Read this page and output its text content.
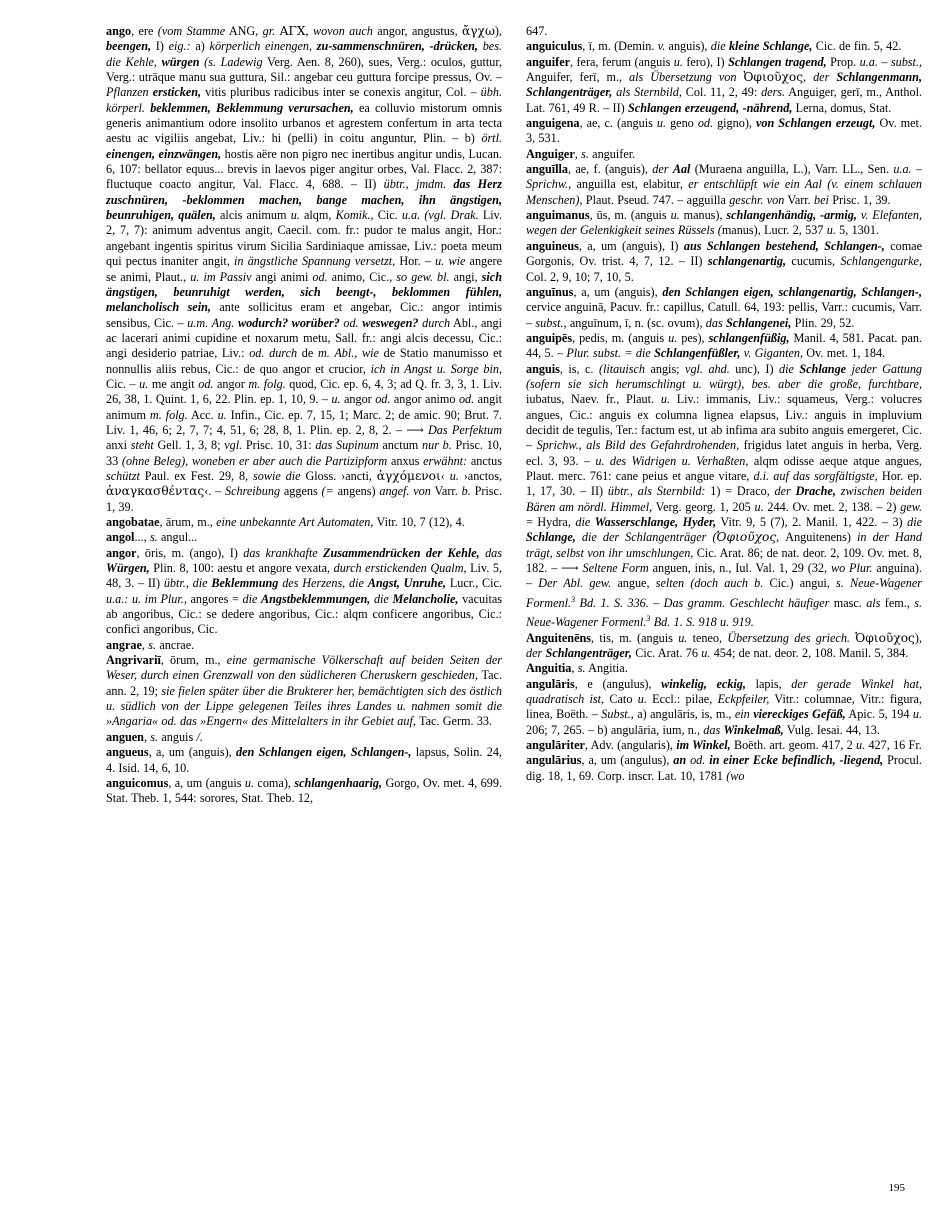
ango, ere (vom Stamme ANG, gr. AΓΧ, wovon auch angor, angustus, ἄγχω), beengen, I) eig.: a) körperlich einengen, zu-sammenschnüren, -drücken, bes. die Kehle, würgen (s. Ladewig Verg. Aen. 8, 260), sues, Verg.: oculos, guttur, Verg.: utrāque manu sua guttura, Sil.: angebar ceu guttura forcipe pressus, Ov. – Pflanzen ersticken, vitis pluribus radicibus inter se conexis angitur, Col. – übh. körperl. beklemmen, Beklemmung verursachen, ea colluvio mistorum omnis generis animantium odore insolito urbanos et agrestem confertum in arta tecta aestu ac vigiliis angebat, Liv.: hi (pelli) in coitu anguntur, Plin. – b) örtl. einengen, einzwängen, hostis aëre non pigro nec inertibus angitur undis, Lucan. 6, 107: bellator equus... brevis in laevos piger angitur orbes, Val. Flacc. 2, 387: fluctuque coacto angitur, Val. Flacc. 4, 688. – II) übtr., jmdm. das Herz zuschnüren, -beklommen machen, bange machen, ihn ängstigen, beunruhigen, quälen, alcis animum u. alqm, Komik., Cic. u.a. (vgl. Drak. Liv. 2, 7, 7): animum adventus angit, Caecil. com. fr.: pudor te malus angit, Hor.: angebant ingentis spiritus virum Sicilia Sardiniaque amissae, Liv.: poeta meum qui pectus inaniter angit, in ängstliche Spannung versetzt, Hor. – u. wie angere se animi, Plaut., u. im Passiv angi animi od. animo, Cic., so gew. bl. angi, sich ängstigen, beunruhigt werden, sich beengt-, beklommen fühlen, melancholisch sein, ante sollicitus eram et angebar, Cic.: angor intimis sensibus, Cic. – u.m. Ang. wodurch? worüber? od. weswegen? durch Abl., angi ac lacerari animi cupidine et noxarum metu, Sall. fr.: angi alcis decessu, Cic.: angi desiderio patriae, Liv.: od. durch de m. Abl., wie de Statio manumisso et nonnullis aliis rebus, Cic.: de quo angor et crucior, ich in Angst u. Sorge bin, Cic. – u. me angit od. angor m. folg. quod, Cic. ep. 6, 4, 3; ad Q. fr. 3, 3, 1. Liv. 26, 38, 1. Quint. 1, 6, 22. Plin. ep. 1, 10, 9. – u. angor od. angor animo od. angit animum m. folg. Acc. u. Infin., Cic. ep. 7, 15, 1; Marc. 2; de amic. 90; Brut. 7. Liv. 1, 46, 6; 2, 7, 7; 4, 51, 6; 28, 8, 1. Plin. ep. 2, 8, 2. – ⟶ Das Perfektum anxi steht Gell. 1, 3, 8; vgl. Prisc. 10, 31: das Supinum anctum nur b. Prisc. 10, 33 (ohne Beleg), woneben er aber auch die Partizipform anxus erwähnt: anctus schützt Paul. ex Fest. 29, 8, sowie die Gloss. ›ancti, ἀγχόμενοι‹ u. ›anctos, ἀναγκασθέντας‹. – Schreibung aggens (= angens) angef. von Varr. b. Prisc. 1, 39.

angobatae, ārum, m., eine unbekannte Art Automaten, Vitr. 10, 7 (12), 4.

angol..., s. angul...

angor, ōris, m. (ango), I) das krankhafte Zusammendrücken der Kehle, das Würgen, Plin. 8, 100: aestu et angore vexata, durch erstickenden Qualm, Liv. 5, 48, 3. – II) übtr., die Beklemmung des Herzens, die Angst, Unruhe, Lucr., Cic. u.a.: u. im Plur., angores = die Angstbeklemmungen, die Melancholie, vacuitas ab angoribus, Cic.: se dedere angoribus, Cic.: alqm conficere angoribus, Cic.: confici angoribus, Cic.

angrae, s. ancrae.

Angrivariī, ōrum, m., eine germanische Völkerschaft auf beiden Seiten der Weser, durch einen Grenzwall von den südlicheren Cheruskern geschieden, Tac. ann. 2, 19; sie fielen später über die Brukterer her, bemächtigten sich des östlich u. südlich von der Lippe gelegenen Teiles ihres Landes u. nahmen somit die »Angaria« od. das »Engern« des Mittelalters in ihr Gebiet auf, Tac. Germ. 33.

anguen, s. anguis /.

angueus, a, um (anguis), den Schlangen eigen, Schlangen-, lapsus, Solin. 24, 4. Isid. 14, 6, 10.

anguicomus, a, um (anguis u. coma), schlangenhaarig, Gorgo, Ov. met. 4, 699. Stat. Theb. 1, 544: sorores, Stat. Theb. 12,

647.

anguiculus, ī, m. (Demin. v. anguis), die kleine Schlange, Cic. de fin. 5, 42.

anguifer, fera, ferum (anguis u. fero), I) Schlangen tragend, Prop. u.a. – subst., Anguifer, ferī, m., als Übersetzung von Ὀφιοῦχος, der Schlangenmann, Schlangenträger, als Sternbild, Col. 11, 2, 49: ders. Anguiger, gerī, m., Anthol. Lat. 761, 49 R. – II) Schlangen erzeugend, -nährend, Lerna, domus, Stat.

anguigena, ae, c. (anguis u. geno od. gigno), von Schlangen erzeugt, Ov. met. 3, 531.

Anguiger, s. anguifer.

anguīlla, ae, f. (anguis), der Aal (Muraena anguilla, L.), Varr. LL., Sen. u.a. – Sprichw., anguilla est, elabitur, er entschlüpft wie ein Aal (v. einem schlauen Menschen), Plaut. Pseud. 747. – agguilla geschr. von Varr. bei Prisc. 1, 39.

anguimanus, ūs, m. (anguis u. manus), schlangenhändig, -armig, v. Elefanten, wegen der Gelenkigkeit seines Rüssels (manus), Lucr. 2, 537 u. 5, 1301.

anguineus, a, um (anguis), I) aus Schlangen bestehend, Schlangen-, comae Gorgonis, Ov. trist. 4, 7, 12. – II) schlangenartig, cucumis, Schlangengurke, Col. 2, 9, 10; 7, 10, 5.

anguīnus, a, um (anguis), den Schlangen eigen, schlangenartig, Schlangen-, cervice anguinā, Pacuv. fr.: capillus, Catull. 64, 193: pellis, Varr.: cucumis, Varr. – subst., anguīnum, ī, n. (sc. ovum), das Schlangenei, Plin. 29, 52.

anguipēs, pedis, m. (anguis u. pes), schlangenfüßig, Manil. 4, 581. Pacat. pan. 44, 5. – Plur. subst. = die Schlangenfüßler, v. Giganten, Ov. met. 1, 184.

anguis, is, c. (litauisch angis; vgl. ahd. unc), I) die Schlange jeder Gattung (sofern sie sich herumschlingt u. würgt), bes. aber die große, furchtbare, iubatus, Naev. fr., Plaut. u. Liv.: immanis, Liv.: squameus, Verg.: volucres angues, Cic.: anguis ex columna lignea elapsus, Liv.: anguis in impluvium decidit de tegulis, Ter.: factum est, ut ab infima ara subito anguis emergeret, Cic. – Sprichw., als Bild des Gefahrdrohenden, frigidus latet anguis in herba, Verg. ecl. 3, 93. – u. des Widrigen u. Verhaßten, alqm odisse aeque atque angues, Plaut. merc. 761: cane peius et angue vitare, d.i. auf das sorgfältigste, Hor. ep. 1, 17, 30. – II) übtr., als Sternbild: 1) = Draco, der Drache, zwischen beiden Bären am nördl. Himmel, Verg. georg. 1, 205 u. 244. Ov. met. 2, 138. – 2) gew. = Hydra, die Wasserschlange, Hyder, Vitr. 9, 5 (7), 2. Manil. 1, 422. – 3) die Schlange, die der Schlangenträger (Ὀφιοῦχος, Anguitenens) in der Hand trägt, selbst von ihr umschlungen, Cic. Arat. 86; de nat. deor. 2, 109. Ov. met. 8, 182. – ⟶ Seltene Form anguen, inis, n., Iul. Val. 1, 29 (32, wo Plur. anguina). – Der Abl. gew. angue, selten (doch auch b. Cic.) angui, s. Neue-Wagener Formenl.$^3$ Bd. 1. S. 336. – Das gramm. Geschlecht häufiger masc. als fem., s. Neue-Wagener Formenl.$^3$ Bd. 1. S. 918 u. 919.

Anguitenēns, tis, m. (anguis u. teneo, Übersetzung des griech. Ὀφιοῦχος), der Schlangenträger, Cic. Arat. 76 u. 454; de nat. deor. 2, 108. Manil. 5, 384.

Anguitia, s. Angitia.

angulāris, e (angulus), winkelig, eckig, lapis, der gerade Winkel hat, quadratisch ist, Cato u. Eccl.: pilae, Eckpfeiler, Vitr.: columnae, Vitr.: figura, linea, Boëth. – Subst., a) angulāris, is, m., ein viereckiges Gefäß, Apic. 5, 194 u. 206; 7, 265. – b) angulāria, ium, n., das Winkelmaß, Vulg. Iesai. 44, 13.

angulāriter, Adv. (angularis), im Winkel, Boëth. art. geom. 417, 2 u. 427, 16 Fr.

angulārius, a, um (angulus), an od. in einer Ecke befindlich, -liegend, Procul. dig. 18, 1, 69. Corp. inscr. Lat. 10, 1781 (wo

195
